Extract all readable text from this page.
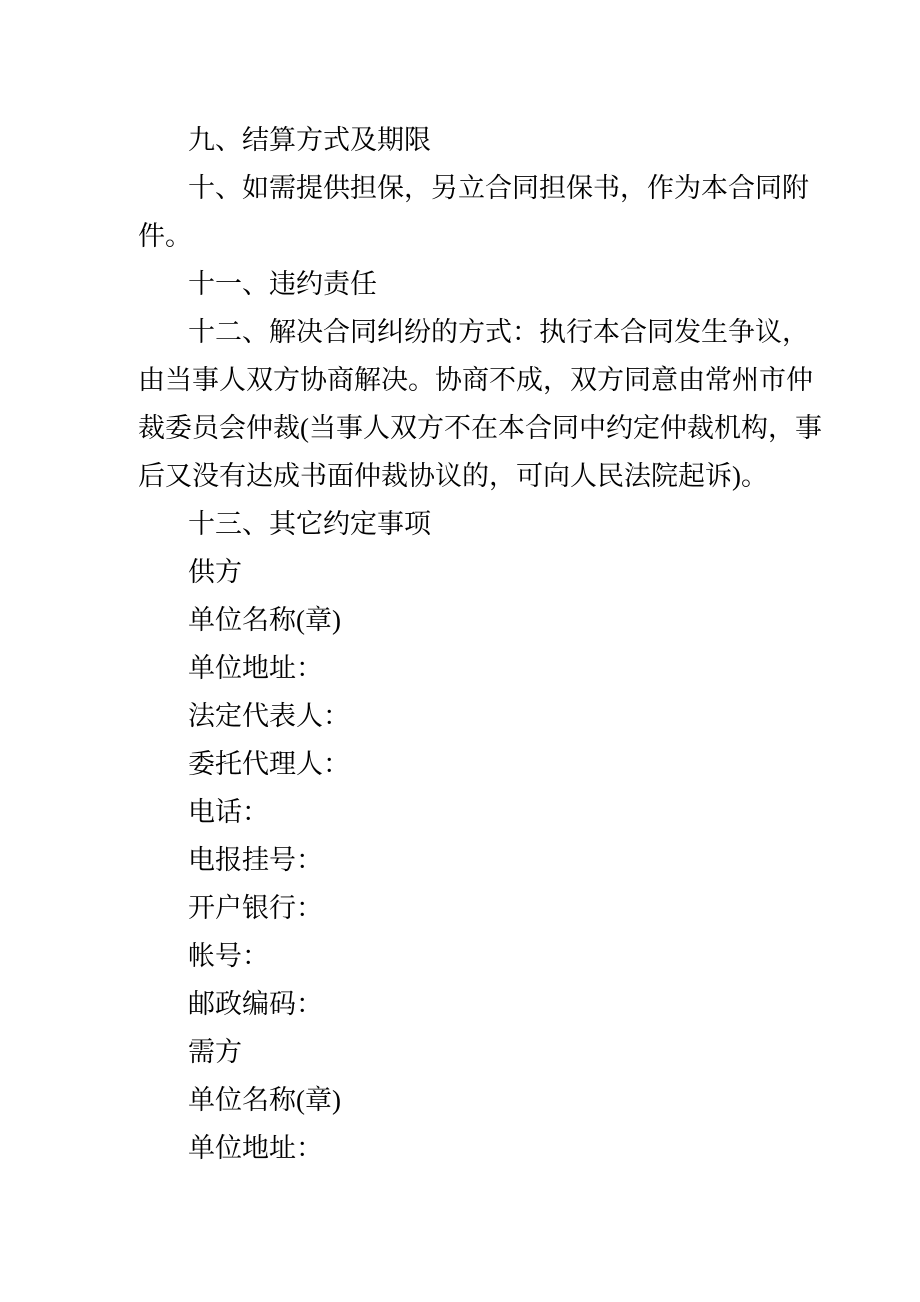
九、结算方式及期限
十、如需提供担保，另立合同担保书，作为本合同附
件。
十一、违约责任
十二、解决合同纠纷的方式：执行本合同发生争议，
由当事人双方协商解决。协商不成，双方同意由常州市仲
裁委员会仲裁(当事人双方不在本合同中约定仲裁机构，事
后又没有达成书面仲裁协议的，可向人民法院起诉)。
十三、其它约定事项
供方
单位名称(章)
单位地址：
法定代表人：
委托代理人：
电话：
电报挂号：
开户银行：
帐号：
邮政编码：
需方
单位名称(章)
单位地址：
